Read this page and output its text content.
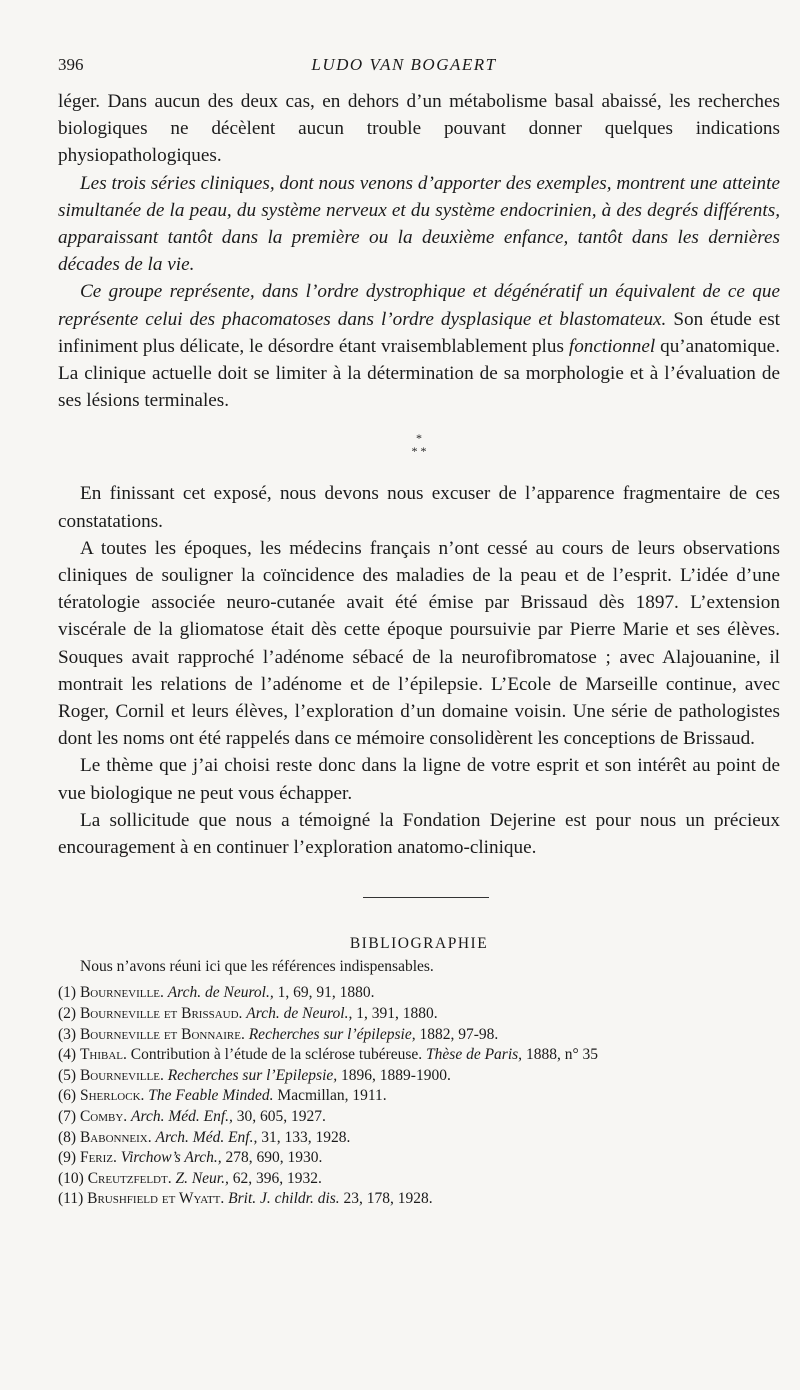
396	LUDO VAN BOGAERT

léger. Dans aucun des deux cas, en dehors d’un métabolisme basal abaissé, les recherches biologiques ne décèlent aucun trouble pouvant donner quelques indications physiopathologiques.

Les trois séries cliniques, dont nous venons d’apporter des exemples, montrent une atteinte simultanée de la peau, du système nerveux et du système endocrinien, à des degrés différents, apparaissant tantôt dans la première ou la deuxième enfance, tantôt dans les dernières décades de la vie.

Ce groupe représente, dans l’ordre dystrophique et dégénératif un équivalent de ce que représente celui des phacomatoses dans l’ordre dysplasique et blastomateux. Son étude est infiniment plus délicate, le désordre étant vraisemblablement plus fonctionnel qu’anatomique. La clinique actuelle doit se limiter à la détermination de sa morphologie et à l’évaluation de ses lésions terminales.

*
* *

En finissant cet exposé, nous devons nous excuser de l’apparence fragmentaire de ces constatations.

A toutes les époques, les médecins français n’ont cessé au cours de leurs observations cliniques de souligner la coïncidence des maladies de la peau et de l’esprit. L’idée d’une tératologie associée neuro-cutanée avait été émise par Brissaud dès 1897. L’extension viscérale de la gliomatose était dès cette époque poursuivie par Pierre Marie et ses élèves. Souques avait rapproché l’adénome sébacé de la neurofibromatose ; avec Alajouanine, il montrait les relations de l’adénome et de l’épilepsie. L’Ecole de Marseille continue, avec Roger, Cornil et leurs élèves, l’exploration d’un domaine voisin. Une série de pathologistes dont les noms ont été rappelés dans ce mémoire consolidèrent les conceptions de Brissaud.

Le thème que j’ai choisi reste donc dans la ligne de votre esprit et son intérêt au point de vue biologique ne peut vous échapper.

La sollicitude que nous a témoigné la Fondation Dejerine est pour nous un précieux encouragement à en continuer l’exploration anatomo-clinique.

BIBLIOGRAPHIE

Nous n’avons réuni ici que les références indispensables.

(1) Bourneville. Arch. de Neurol., 1, 69, 91, 1880.
(2) Bourneville et Brissaud. Arch. de Neurol., 1, 391, 1880.
(3) Bourneville et Bonnaire. Recherches sur l’épilepsie, 1882, 97-98.
(4) Thibal. Contribution à l’étude de la sclérose tubéreuse. Thèse de Paris, 1888, n° 35
(5) Bourneville. Recherches sur l’Epilepsie, 1896, 1889-1900.
(6) Sherlock. The Feable Minded. Macmillan, 1911.
(7) Comby. Arch. Méd. Enf., 30, 605, 1927.
(8) Babonneix. Arch. Méd. Enf., 31, 133, 1928.
(9) Feriz. Virchow’s Arch., 278, 690, 1930.
(10) Creutzfeldt. Z. Neur., 62, 396, 1932.
(11) Brushfield et Wyatt. Brit. J. childr. dis. 23, 178, 1928.
